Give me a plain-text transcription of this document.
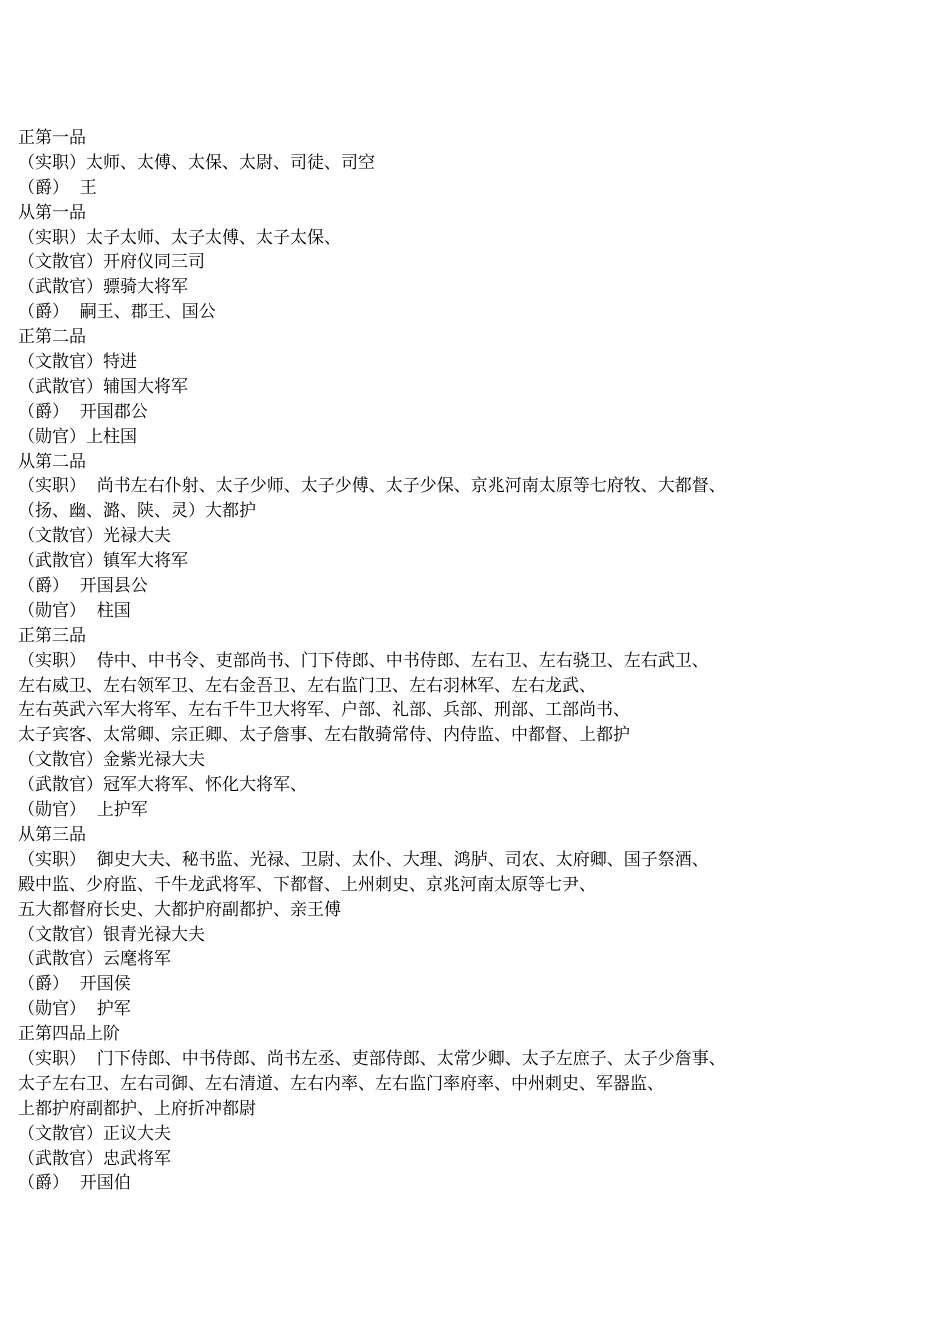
正第一品

（实职）太师、太傅、太保、太尉、司徒、司空

（爵）  王

从第一品

（实职）太子太师、太子太傅、太子太保、

（文散官）开府仪同三司

（武散官）骠骑大将军

（爵）  嗣王、郡王、国公

正第二品

（文散官）特进

（武散官）辅国大将军

（爵）  开国郡公

（勋官）上柱国

从第二品

（实职）  尚书左右仆射、太子少师、太子少傅、太子少保、京兆河南太原等七府牧、大都督、

（扬、幽、潞、陕、灵）大都护

（文散官）光禄大夫

（武散官）镇军大将军

（爵）  开国县公

（勋官）  柱国

正第三品

（实职）  侍中、中书令、吏部尚书、门下侍郎、中书侍郎、左右卫、左右骁卫、左右武卫、

左右威卫、左右领军卫、左右金吾卫、左右监门卫、左右羽林军、左右龙武、

左右英武六军大将军、左右千牛卫大将军、户部、礼部、兵部、刑部、工部尚书、

太子宾客、太常卿、宗正卿、太子詹事、左右散骑常侍、内侍监、中都督、上都护

（文散官）金紫光禄大夫

（武散官）冠军大将军、怀化大将军、

（勋官）  上护军

从第三品

（实职）  御史大夫、秘书监、光禄、卫尉、太仆、大理、鸿胪、司农、太府卿、国子祭酒、

殿中监、少府监、千牛龙武将军、下都督、上州刺史、京兆河南太原等七尹、

五大都督府长史、大都护府副都护、亲王傅

（文散官）银青光禄大夫

（武散官）云麾将军

（爵）  开国侯

（勋官）  护军

正第四品上阶

（实职）  门下侍郎、中书侍郎、尚书左丞、吏部侍郎、太常少卿、太子左庶子、太子少詹事、

太子左右卫、左右司御、左右清道、左右内率、左右监门率府率、中州刺史、军器监、

上都护府副都护、上府折冲都尉

（文散官）正议大夫

（武散官）忠武将军

（爵）  开国伯
